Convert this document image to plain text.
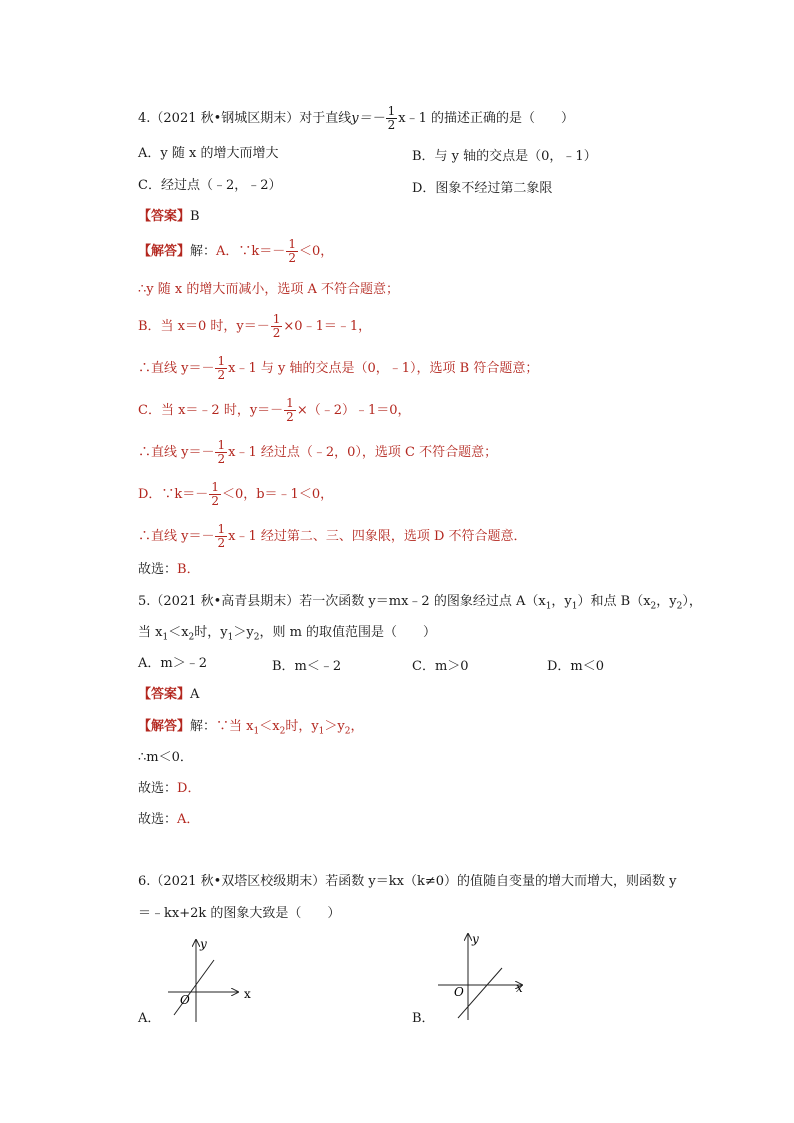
4.（2021 秋•钢城区期末）对于直线$y=- \frac{1}{2}$ x﹣1 的描述正确的是（　　）
A．y 随 x 的增大而增大	B．与 y 轴的交点是（0，﹣1）
C．经过点（﹣2，﹣2）	D．图象不经过第二象限
【答案】B
【解答】解：A．∵k＝－ $\frac{1}{2} <0$，
∴y 随 x 的增大而减小，选项 A 不符合题意；
B．当 x＝0 时，$y=- \frac{1}{2}$ ×0﹣1＝﹣1，
∴直线 $y=- \frac{1}{2}$ x﹣1 与 y 轴的交点是（0，﹣1），选项 B 符合题意；
C．当 x＝﹣2 时，$y=- \frac{1}{2}$ ×（﹣2）﹣1＝0，
∴直线 $y=- \frac{1}{2}$ x﹣1 经过点（﹣2，0），选项 C 不符合题意；
D．∵k＝－ $\frac{1}{2} <0$，b＝﹣1＜0，
∴直线 $y=- \frac{1}{2}$ x﹣1 经过第二、三、四象限，选项 D 不符合题意．
故选：B．
5.（2021 秋•高青县期末）若一次函数 y＝mx﹣2 的图象经过点 $A(x_1$，$y_1$）和点 $B(x_2$，$y_2$），
当 $x_1<x_2$时，$y_1>y_2$，则 m 的取值范围是（　　）
A．m＞﹣2	B．m＜﹣2	C．m＞0	D．m＜0
【答案】A
【解答】解：∵当 $x_1<x_2$时，$y_1>y_2$，
∴m＜0．
故选：D．
故选：A．
6.（2021 秋•双塔区校级期末）若函数 y＝kx（k≠0）的值随自变量的增大而增大，则函数 y
＝﹣kx+2k 的图象大致是（　　）
y
x
O
A．
y
x
O
B．
